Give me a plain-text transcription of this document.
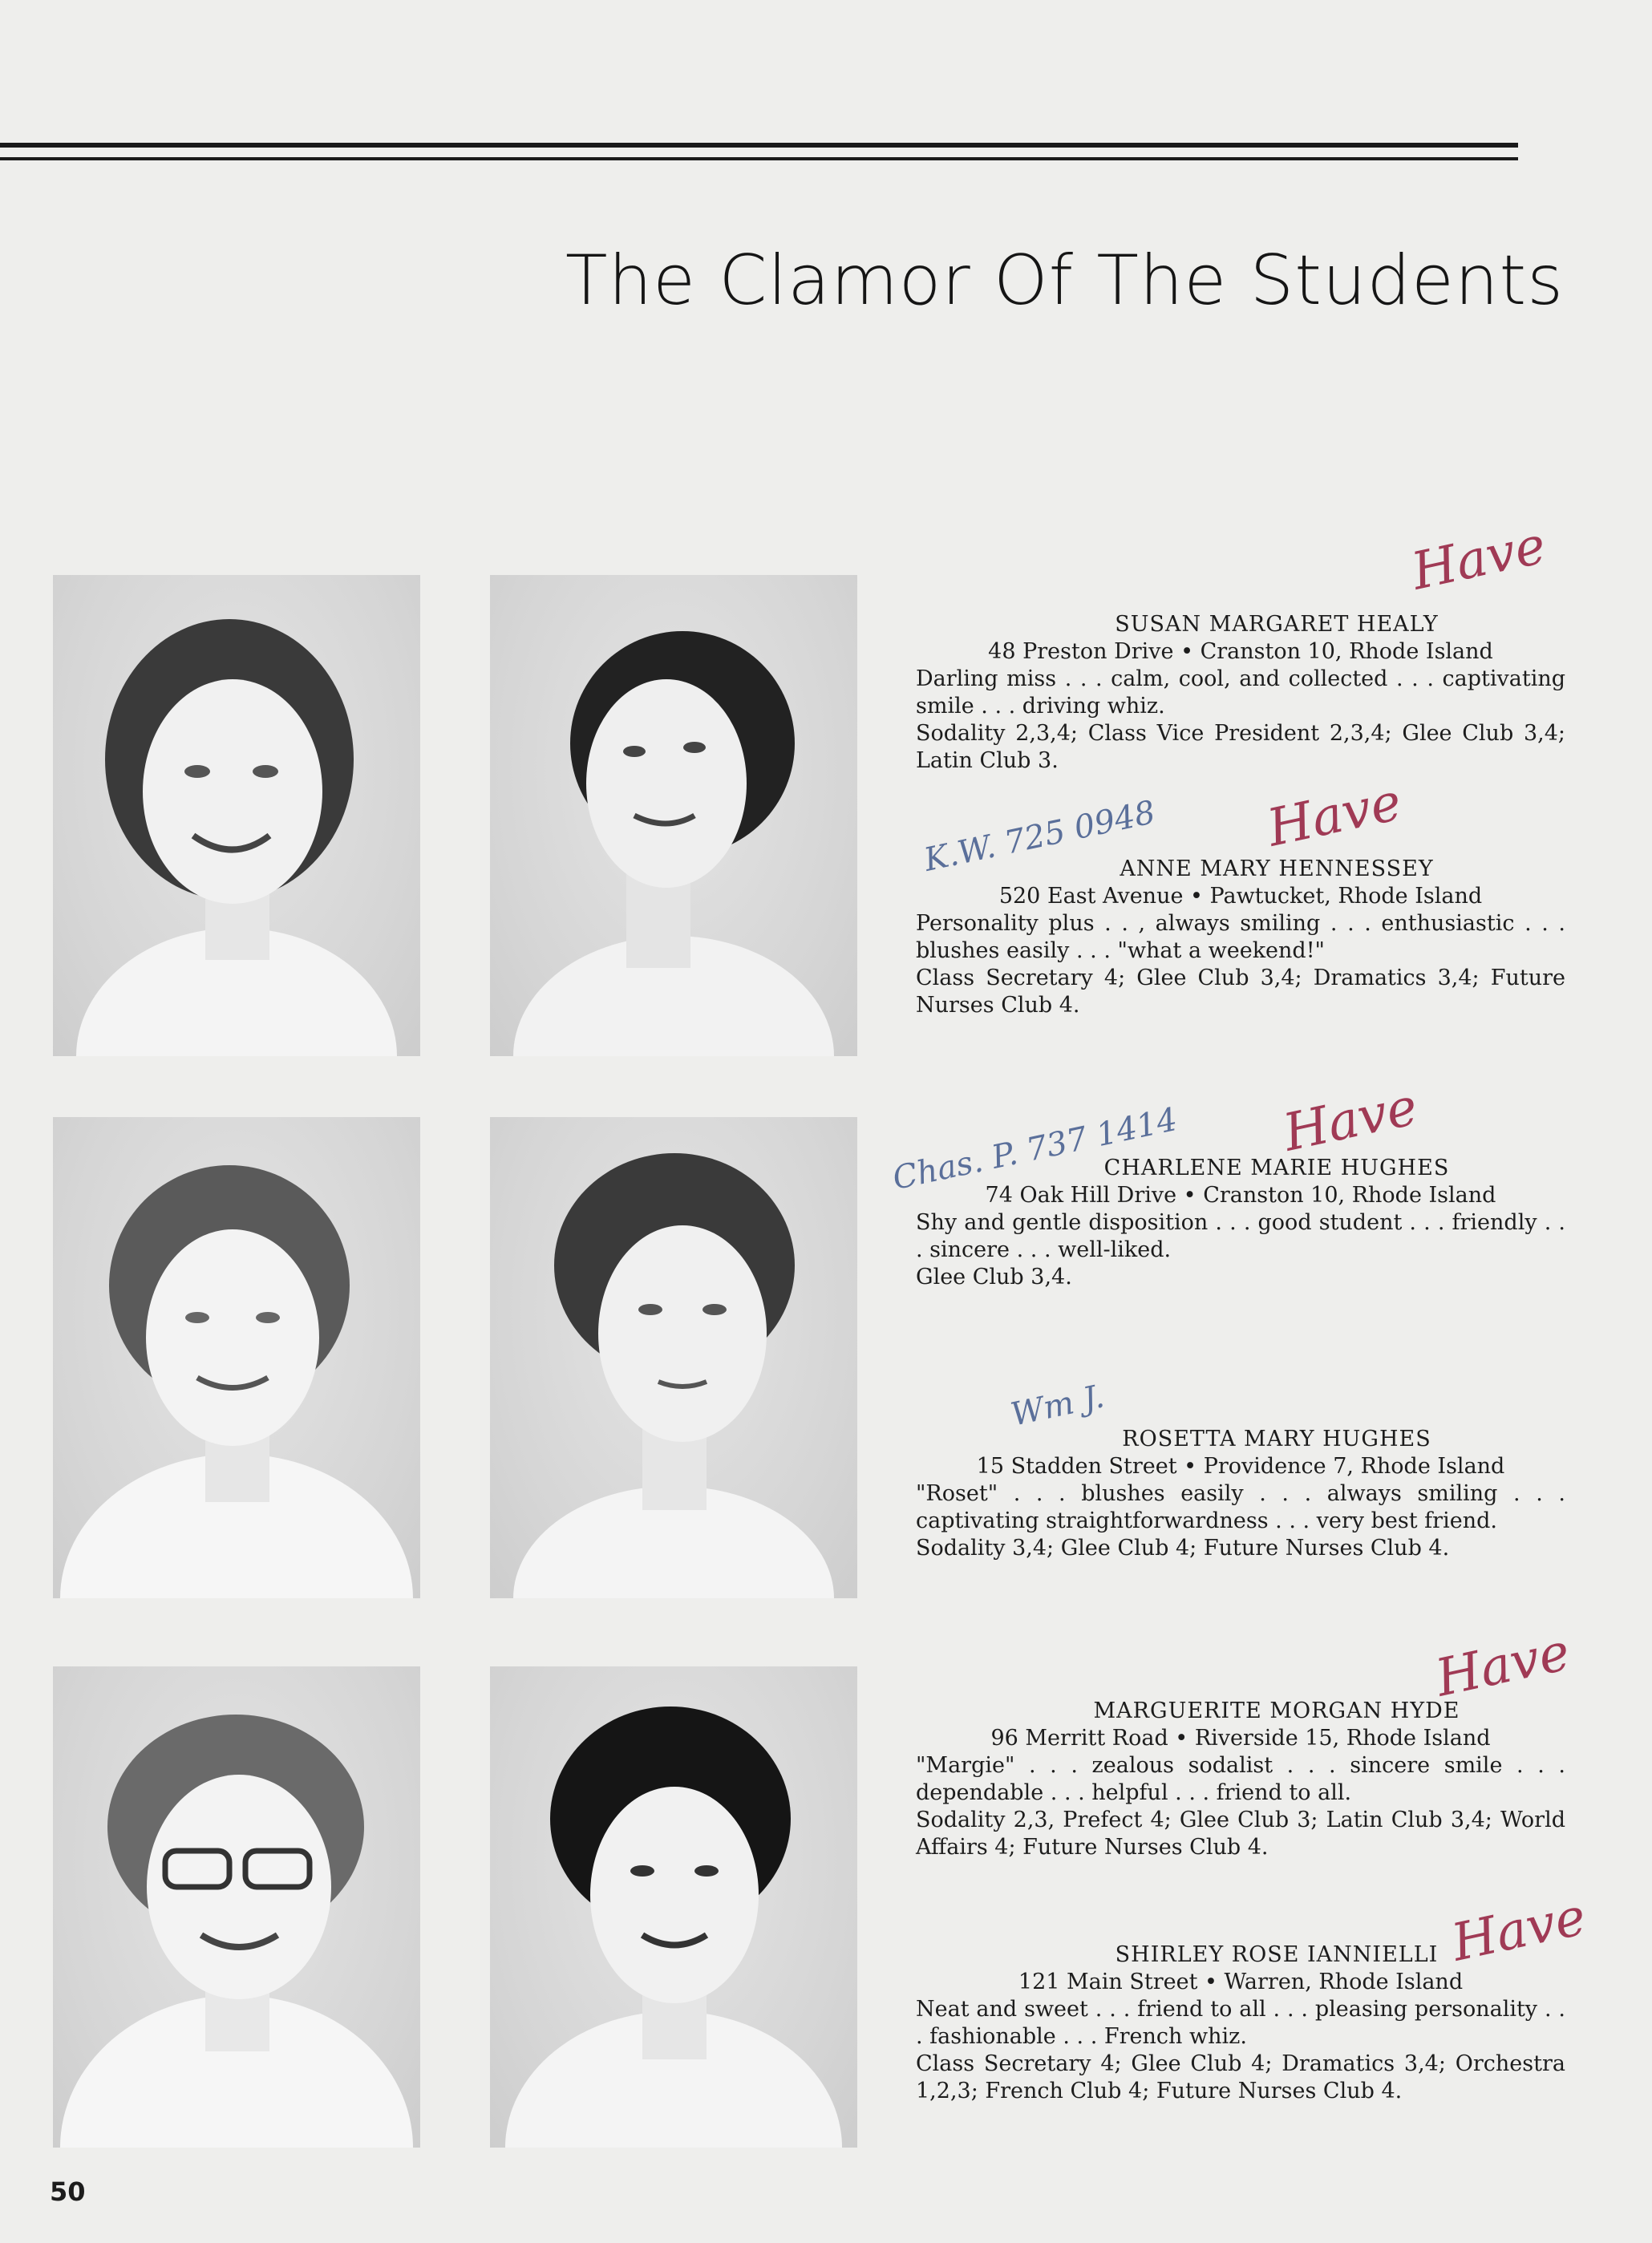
The Clamor Of The Students
SUSAN MARGARET HEALY
48 Preston Drive • Cranston 10, Rhode Island
Darling miss . . . calm, cool, and collected . . . captivating smile . . . driving whiz.
Sodality 2,3,4; Class Vice President 2,3,4; Glee Club 3,4; Latin Club 3.
ANNE MARY HENNESSEY
520 East Avenue • Pawtucket, Rhode Island
Personality plus . . , always smiling . . . enthusiastic . . . blushes easily . . . "what a weekend!"
Class Secretary 4; Glee Club 3,4; Dramatics 3,4; Future Nurses Club 4.
CHARLENE MARIE HUGHES
74 Oak Hill Drive • Cranston 10, Rhode Island
Shy and gentle disposition . . . good student . . . friendly . . . sincere . . . well-liked.
Glee Club 3,4.
ROSETTA MARY HUGHES
15 Stadden Street • Providence 7, Rhode Island
"Roset" . . . blushes easily . . . always smiling . . . captivating straightforwardness . . . very best friend.
Sodality 3,4; Glee Club 4; Future Nurses Club 4.
MARGUERITE MORGAN HYDE
96 Merritt Road • Riverside 15, Rhode Island
"Margie" . . . zealous sodalist . . . sincere smile . . . dependable . . . helpful . . . friend to all.
Sodality 2,3, Prefect 4; Glee Club 3; Latin Club 3,4; World Affairs 4; Future Nurses Club 4.
SHIRLEY ROSE IANNIELLI
121 Main Street • Warren, Rhode Island
Neat and sweet . . . friend to all . . . pleasing personality . . . fashionable . . . French whiz.
Class Secretary 4; Glee Club 4; Dramatics 3,4; Orchestra 1,2,3; French Club 4; Future Nurses Club 4.
Have
Have
Have
Have
Have
K.W. 725 0948
Chas. P. 737 1414
Wm J.
50
